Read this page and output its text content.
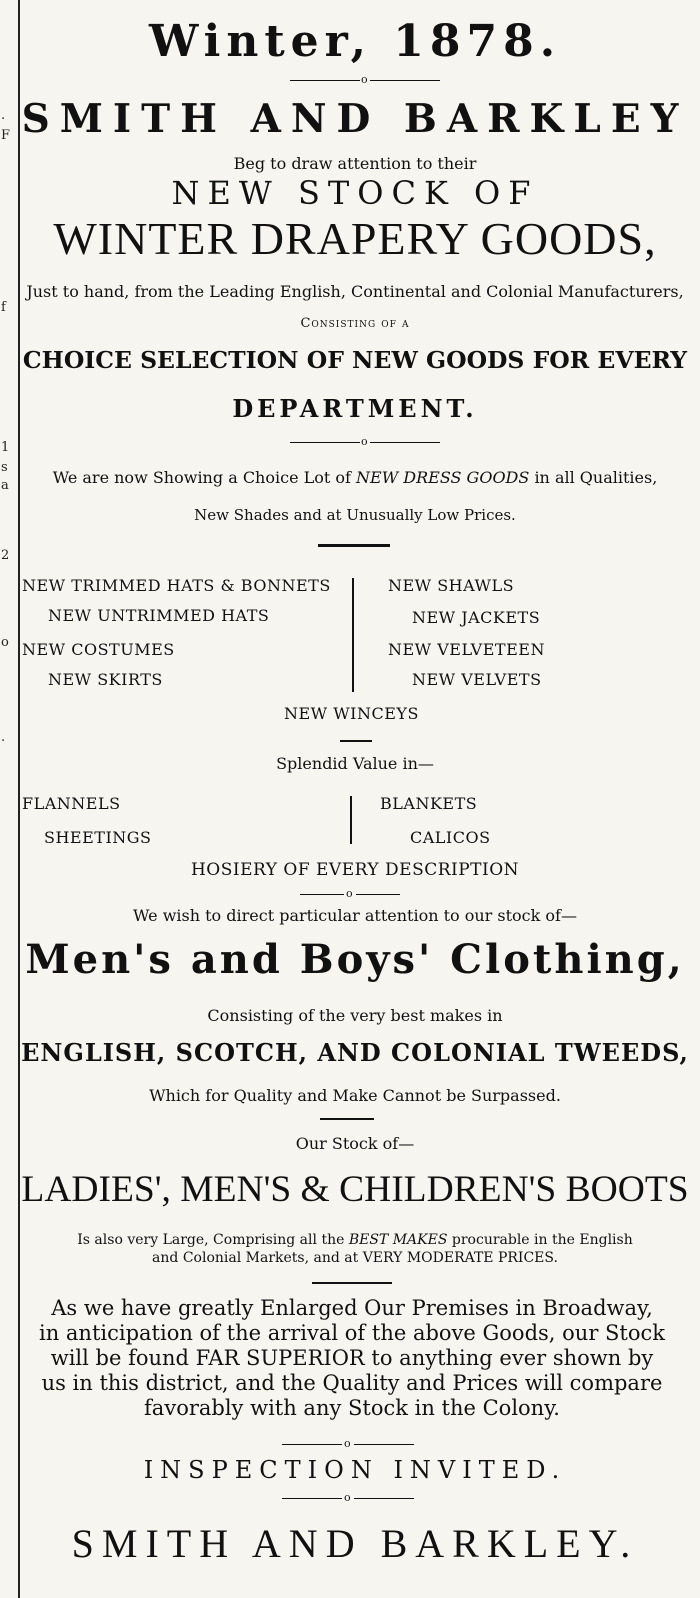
.
F
f
1
s
a
2
o
.
Winter, 1878.
o
SMITH AND BARKLEY
Beg to draw attention to their
NEW STOCK OF
WINTER DRAPERY GOODS,
Just to hand, from the Leading English, Continental and Colonial Manufacturers,
Consisting of a
CHOICE SELECTION OF NEW GOODS FOR EVERY
DEPARTMENT.
o
We are now Showing a Choice Lot of NEW DRESS GOODS in all Qualities,
New Shades and at Unusually Low Prices.
NEW TRIMMED HATS & BONNETS
NEW UNTRIMMED HATS
NEW COSTUMES
NEW SKIRTS
NEW SHAWLS
NEW JACKETS
NEW VELVETEEN
NEW VELVETS
NEW WINCEYS
Splendid Value in—
FLANNELS
SHEETINGS
BLANKETS
CALICOS
HOSIERY OF EVERY DESCRIPTION
o
We wish to direct particular attention to our stock of—
Men's and Boys' Clothing,
Consisting of the very best makes in
ENGLISH, SCOTCH, AND COLONIAL TWEEDS,
Which for Quality and Make Cannot be Surpassed.
Our Stock of—
LADIES', MEN'S & CHILDREN'S BOOTS
Is also very Large, Comprising all the BEST MAKES procurable in the English
and Colonial Markets, and at VERY MODERATE PRICES.
As we have greatly Enlarged Our Premises in Broadway,
in anticipation of the arrival of the above Goods, our Stock
will be found FAR SUPERIOR to anything ever shown by
us in this district, and the Quality and Prices will compare
favorably with any Stock in the Colony.
o
INSPECTION INVITED.
o
SMITH AND BARKLEY.
